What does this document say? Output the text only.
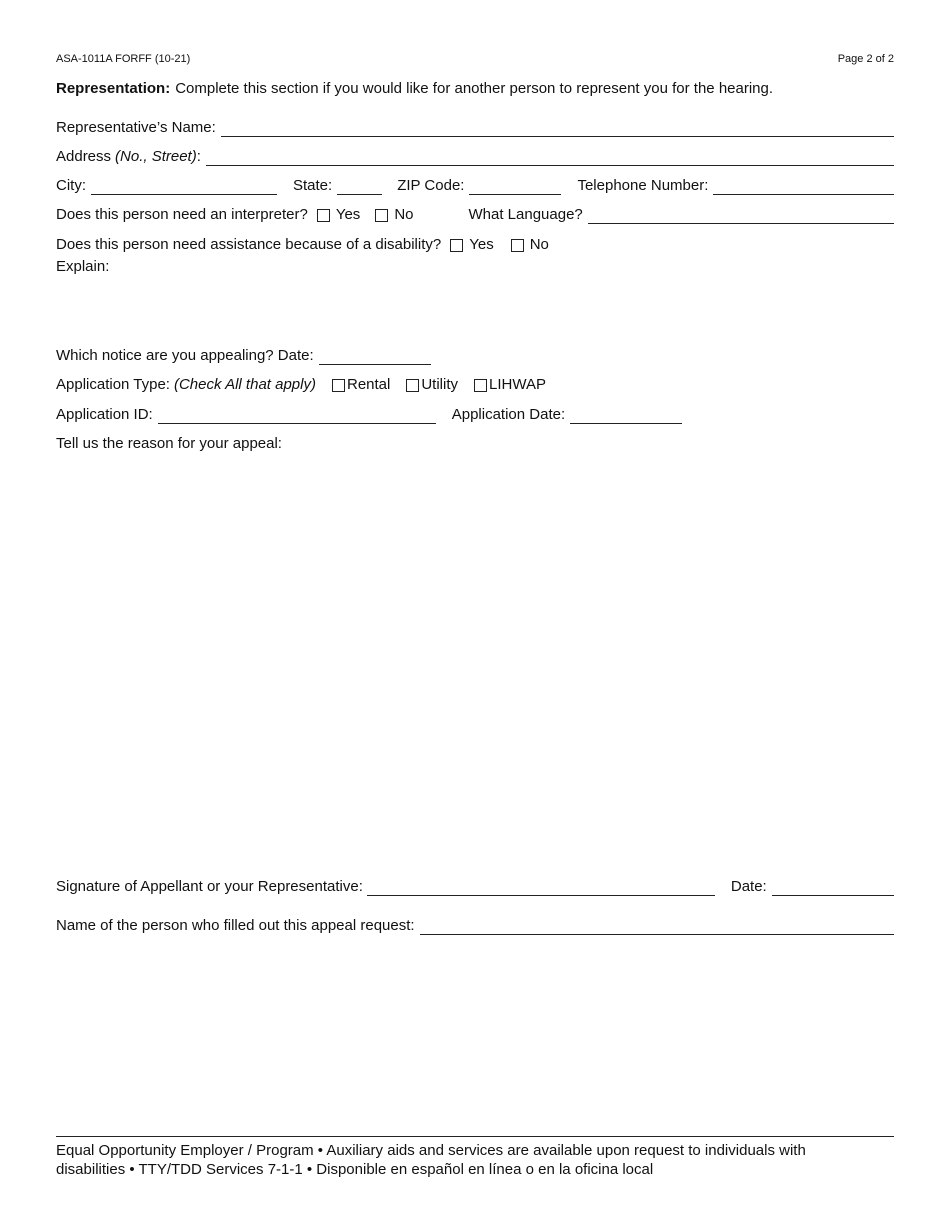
ASA-1011A FORFF (10-21)	Page 2 of 2
Representation: Complete this section if you would like for another person to represent you for the hearing.
Representative’s Name:
Address (No., Street) :
City:	State:	ZIP Code:	Telephone Number:
Does this person need an interpreter? Yes No	What Language?
Does this person need assistance because of a disability? Yes No
Explain:
Which notice are you appealing? Date:
Application Type: (Check All that apply) Rental Utility LIHWAP
Application ID:	Application Date:
Tell us the reason for your appeal:
Signature of Appellant or your Representative:	Date:
Name of the person who filled out this appeal request:
Equal Opportunity Employer / Program • Auxiliary aids and services are available upon request to individuals with
disabilities • TTY/TDD Services 7-1-1 • Disponible en español en línea o en la oficina local
